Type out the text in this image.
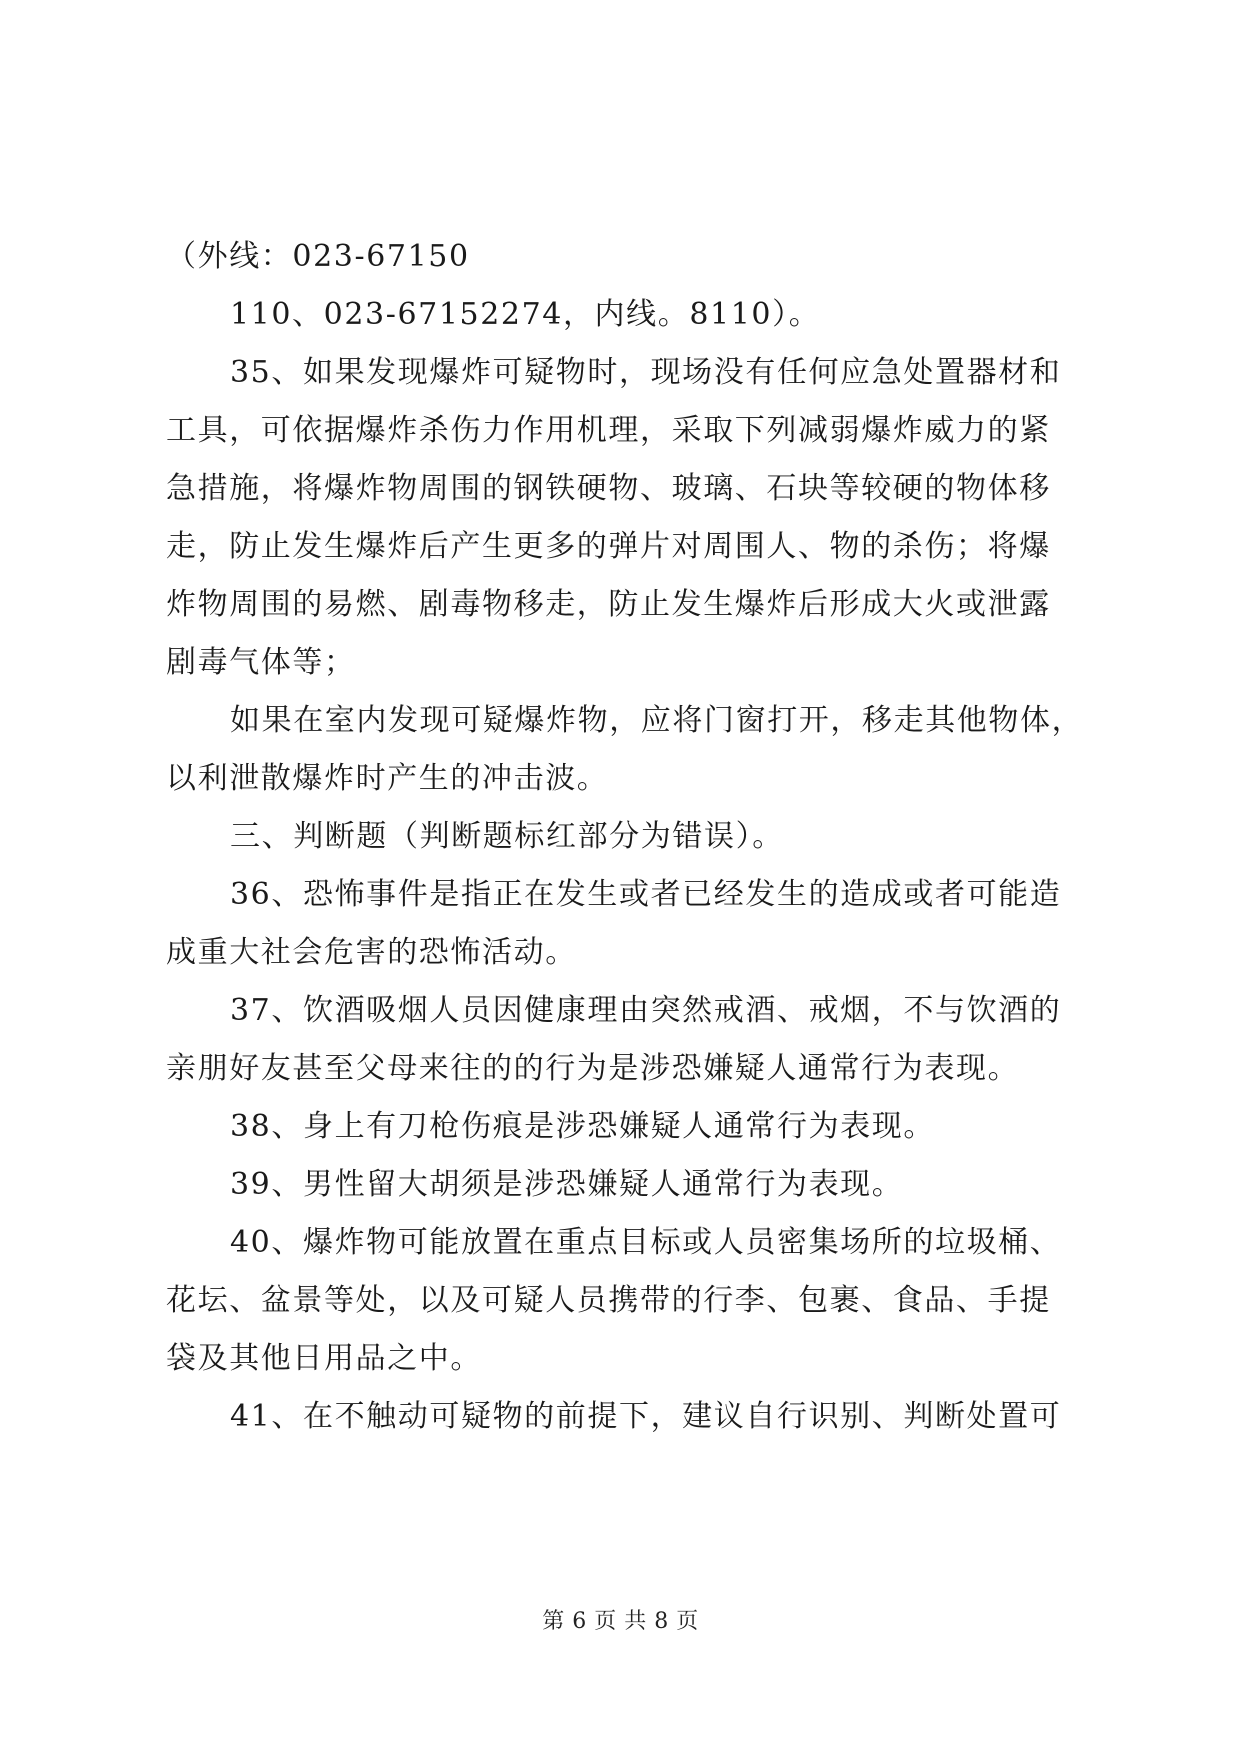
（外线：023-67150
110、023-67152274，内线。8110）。
35、如果发现爆炸可疑物时，现场没有任何应急处置器材和
工具，可依据爆炸杀伤力作用机理，采取下列减弱爆炸威力的紧
急措施，将爆炸物周围的钢铁硬物、玻璃、石块等较硬的物体移
走，防止发生爆炸后产生更多的弹片对周围人、物的杀伤；将爆
炸物周围的易燃、剧毒物移走，防止发生爆炸后形成大火或泄露
剧毒气体等；
如果在室内发现可疑爆炸物，应将门窗打开，移走其他物体，
以利泄散爆炸时产生的冲击波。
三、判断题（判断题标红部分为错误）。
36、恐怖事件是指正在发生或者已经发生的造成或者可能造
成重大社会危害的恐怖活动。
37、饮酒吸烟人员因健康理由突然戒酒、戒烟，不与饮酒的
亲朋好友甚至父母来往的的行为是涉恐嫌疑人通常行为表现。
38、身上有刀枪伤痕是涉恐嫌疑人通常行为表现。
39、男性留大胡须是涉恐嫌疑人通常行为表现。
40、爆炸物可能放置在重点目标或人员密集场所的垃圾桶、
花坛、盆景等处，以及可疑人员携带的行李、包裹、食品、手提
袋及其他日用品之中。
41、在不触动可疑物的前提下，建议自行识别、判断处置可
第 6 页 共 8 页
